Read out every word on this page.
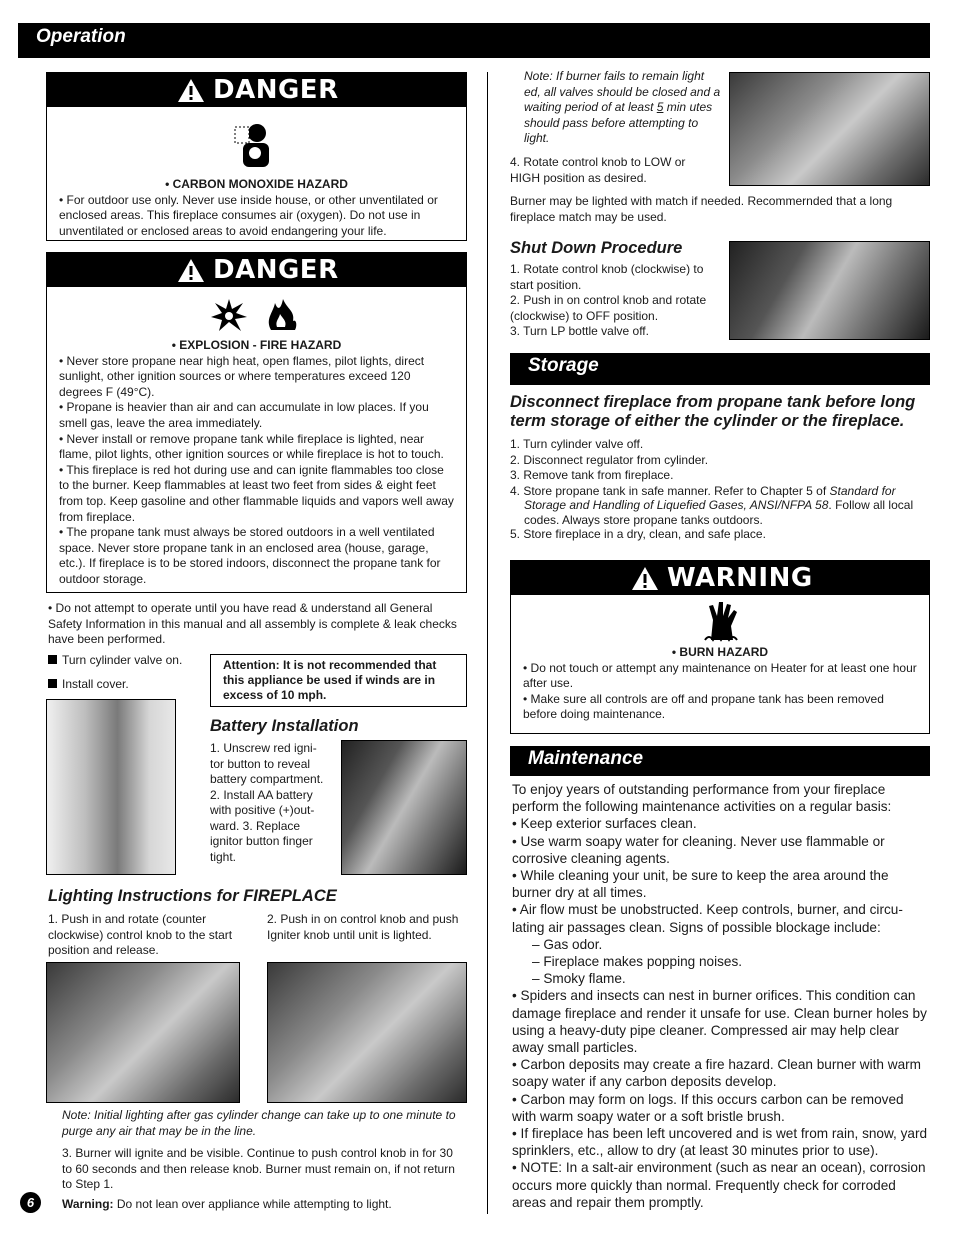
Operation
DANGER
• CARBON MONOXIDE HAZARD
• For outdoor use only. Never use inside house, or other unventilated or enclosed areas. This fireplace consumes air (oxygen). Do not use in unventilated or enclosed areas to avoid endangering your life.
DANGER
• EXPLOSION - FIRE HAZARD
• Never store propane near high heat, open flames, pilot lights, direct sunlight, other ignition sources or where temperatures exceed 120 degrees F (49°C).
• Propane is heavier than air and can accumulate in low places. If you smell gas, leave the area immediately.
• Never install or remove propane tank while fireplace is lighted, near flame, pilot lights, other ignition sources or while fireplace is hot to touch.
• This fireplace is red hot during use and can ignite flammables too close to the burner. Keep flammables at least two feet from sides & eight feet from top. Keep gasoline and other flammable liquids and vapors well away from fireplace.
• The propane tank must always be stored outdoors in a well ventilated space. Never store propane tank in an enclosed area (house, garage, etc.). If fireplace is to be stored indoors, disconnect the propane tank for outdoor storage.
• Do not attempt to operate until you have read & understand all General Safety Information in this manual and all assembly is complete & leak checks have been performed.
Turn cylinder valve on.
Install cover.
Attention: It is not recommended that this appliance be used if winds are in excess of 10 mph.
Battery Installation
1. Unscrew red igni- tor button to reveal battery compartment. 2. Install AA battery with positive (+)out- ward. 3. Replace ignitor button finger tight.
Lighting Instructions for FIREPLACE
1. Push in and rotate (counter clockwise) control knob to the start position and release.
2. Push in on control knob and push Igniter knob until unit is lighted.
Note: Initial lighting after gas cylinder change can take up to one minute to purge any air that may be in the line.
3. Burner will ignite and be visible. Continue to push control knob in for 30 to 60 seconds and then release knob. Burner must remain on, if not return to Step 1.
Warning: Do not lean over appliance while attempting to light.
6
Note: If burner fails to remain light ed, all valves should be closed and a waiting period of at least 5 min utes should pass before attempting to light.
4. Rotate control knob to LOW or HIGH position as desired.
Burner may be lighted with match if needed. Recommernded that a long fireplace match may be used.
Shut Down Procedure
1. Rotate control knob (clockwise) to start position.
2. Push in on control knob and rotate (clockwise) to OFF position.
3. Turn LP bottle valve off.
Storage
Disconnect fireplace from propane tank before long term storage of either the cylinder or the fireplace.
1. Turn cylinder valve off.
2. Disconnect regulator from cylinder.
3. Remove tank from fireplace.
4. Store propane tank in safe manner. Refer to Chapter 5 of Standard for Storage and Handling of Liquefied Gases, ANSI/NFPA 58. Follow all local codes. Always store propane tanks outdoors.
5. Store fireplace in a dry, clean, and safe place.
WARNING
• BURN HAZARD
• Do not touch or attempt any maintenance on Heater for at least one hour after use.
• Make sure all controls are off and propane tank has been removed before doing maintenance.
Maintenance
To enjoy years of outstanding performance from your fireplace perform the following maintenance activities on a regular basis:
• Keep exterior surfaces clean.
• Use warm soapy water for cleaning. Never use flammable or corrosive cleaning agents.
• While cleaning your unit, be sure to keep the area around the burner dry at all times.
• Air flow must be unobstructed. Keep controls, burner, and circu- lating air passages clean. Signs of possible blockage include:
– Gas odor.
– Fireplace makes popping noises.
– Smoky flame.
• Spiders and insects can nest in burner orifices. This condition can damage fireplace and render it unsafe for use. Clean burner holes by using a heavy-duty pipe cleaner. Compressed air may help clear away small particles.
• Carbon deposits may create a fire hazard. Clean burner with warm soapy water if any carbon deposits develop.
• Carbon may form on logs. If this occurs carbon can be removed with warm soapy water or a soft bristle brush.
• If fireplace has been left uncovered and is wet from rain, snow, yard sprinklers, etc., allow to dry (at least 30 minutes prior to use).
• NOTE: In a salt-air environment (such as near an ocean), corrosion occurs more quickly than normal. Frequently check for corroded areas and repair them promptly.
